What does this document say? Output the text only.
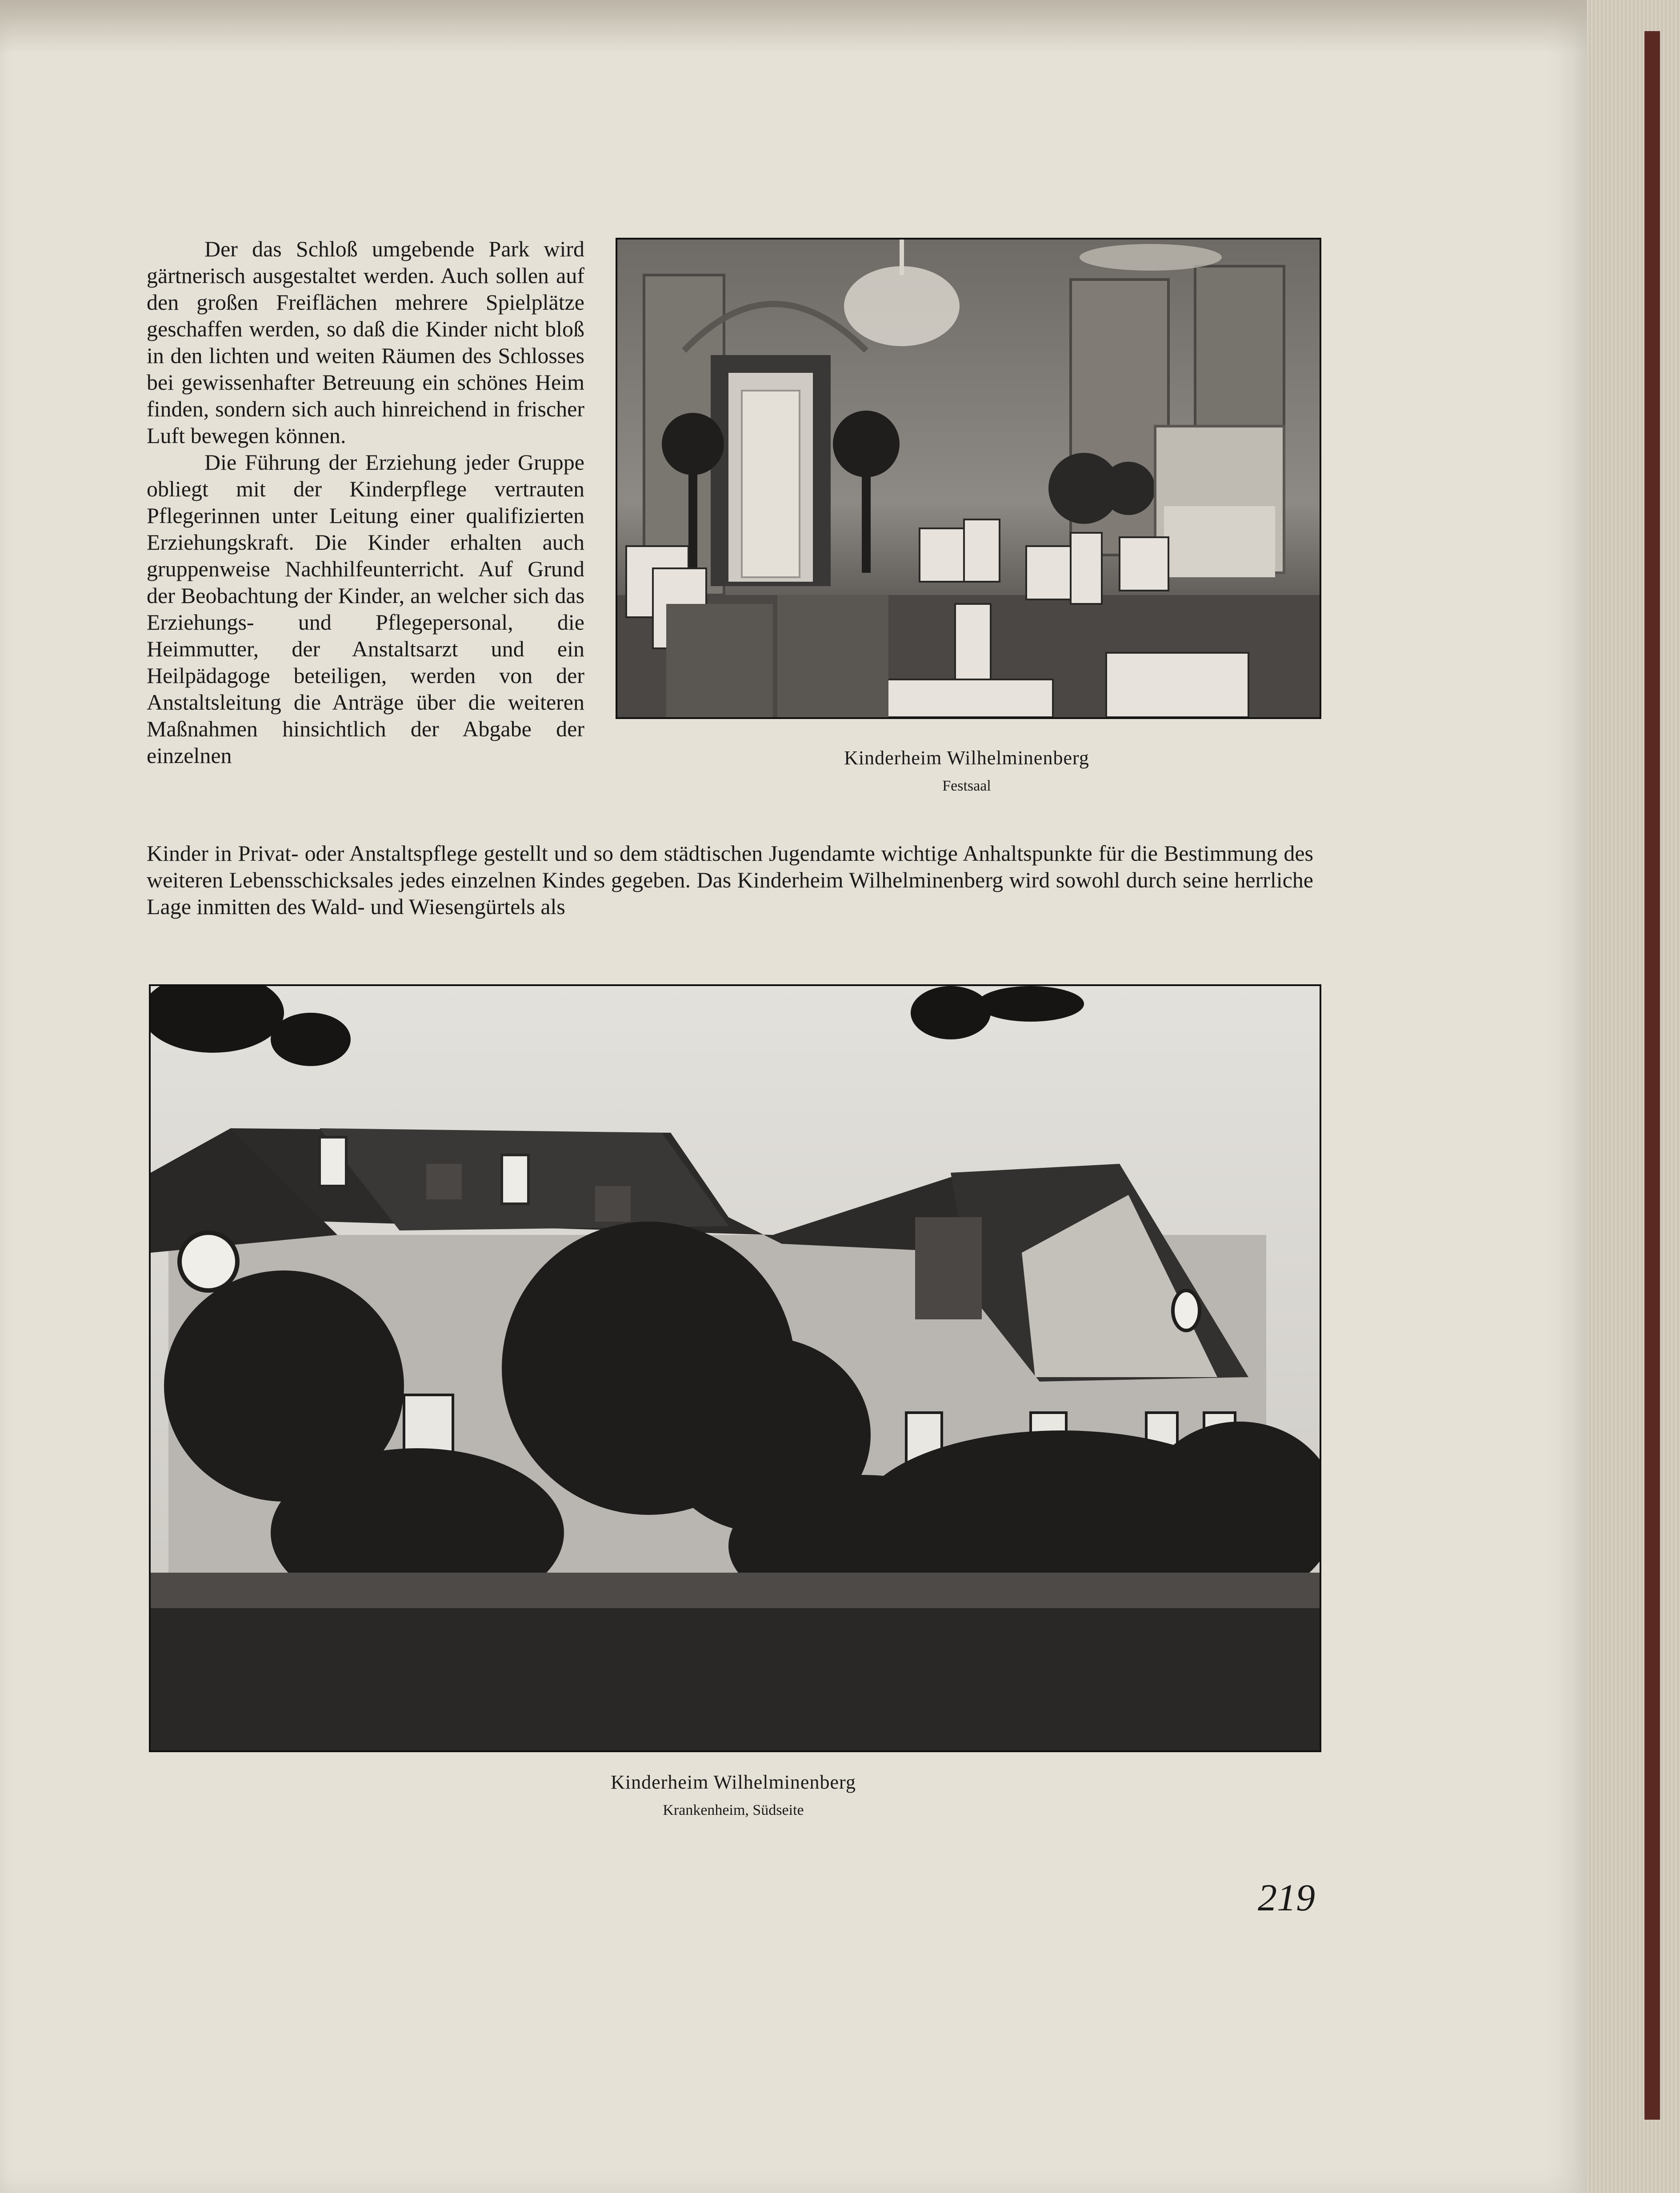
Der das Schloß umgebende Park wird gärtnerisch ausgestaltet werden. Auch sollen auf den großen Freiflächen mehrere Spielplätze geschaffen werden, so daß die Kinder nicht bloß in den lichten und weiten Räumen des Schlosses bei gewissenhafter Betreuung ein schönes Heim finden, sondern sich auch hinreichend in frischer Luft bewegen können.

Die Führung der Erziehung jeder Gruppe obliegt mit der Kinderpflege vertrauten Pflegerinnen unter Leitung einer qualifizierten Erziehungskraft. Die Kinder erhalten auch gruppenweise Nachhilfeunterricht. Auf Grund der Beobachtung der Kinder, an welcher sich das Erziehungs- und Pflegepersonal, die Heimmutter, der Anstaltsarzt und ein Heilpädagoge beteiligen, werden von der Anstaltsleitung die Anträge über die weiteren Maßnahmen hinsichtlich der Abgabe der einzelnen	Kinderheim Wilhelminenberg
Festsaal
Kinder in Privat- oder Anstaltspflege gestellt und so dem städtischen Jugendamte wichtige Anhaltspunkte für die Bestimmung des weiteren Lebensschicksales jedes einzelnen Kindes gegeben. Das Kinderheim Wilhelminenberg wird sowohl durch seine herrliche Lage inmitten des Wald- und Wiesengürtels als
Kinderheim Wilhelminenberg
Krankenheim, Südseite
219
